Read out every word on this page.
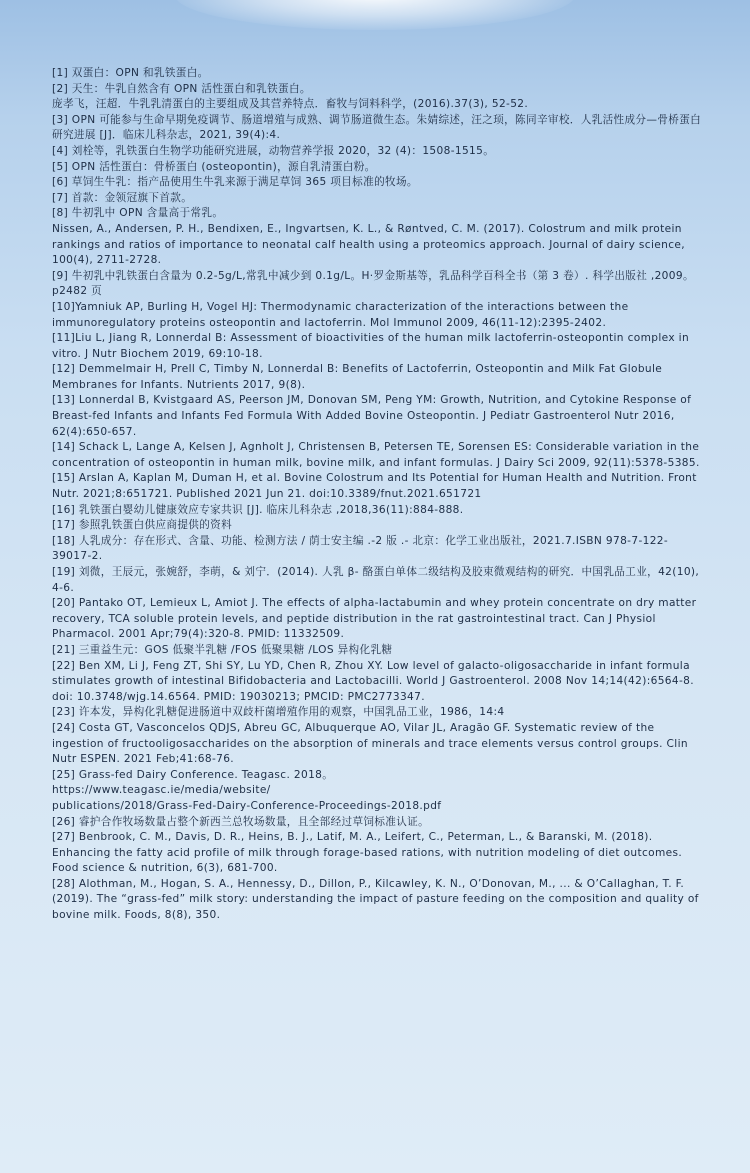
[1] 双蛋白：OPN 和乳铁蛋白。
[2] 天生：牛乳自然含有 OPN 活性蛋白和乳铁蛋白。
庞孝飞，汪超．牛乳乳清蛋白的主要组成及其营养特点．畜牧与饲料科学，(2016).37(3), 52-52.
[3] OPN 可能参与生命早期免疫调节、肠道增殖与成熟、调节肠道微生态。朱婧综述，汪之顼，陈同辛审校．人乳活性成分—骨桥蛋白研究进展 [J]．临床儿科杂志，2021, 39(4):4.
[4] 刘栓等，乳铁蛋白生物学功能研究进展，动物营养学报 2020，32 (4)：1508-1515。
[5] OPN 活性蛋白：骨桥蛋白 (osteopontin)，源自乳清蛋白粉。
[6] 草饲生牛乳：指产品使用生牛乳来源于满足草饲 365 项目标准的牧场。
[7] 首款：金领冠旗下首款。
[8] 牛初乳中 OPN 含量高于常乳。
Nissen, A., Andersen, P. H., Bendixen, E., Ingvartsen, K. L., & Røntved, C. M. (2017). Colostrum and milk protein rankings and ratios of importance to neonatal calf health using a proteomics approach. Journal of dairy science, 100(4), 2711-2728.
[9] 牛初乳中乳铁蛋白含量为 0.2-5g/L,常乳中减少到 0.1g/L。H·罗金斯基等，乳品科学百科全书（第 3 卷）. 科学出版社 ,2009。p2482 页
[10]Yamniuk AP, Burling H, Vogel HJ: Thermodynamic characterization of the interactions between the immunoregulatory proteins osteopontin and lactoferrin. Mol Immunol 2009, 46(11-12):2395-2402.
[11]Liu L, Jiang R, Lonnerdal B: Assessment of bioactivities of the human milk lactoferrin-osteopontin complex in vitro. J Nutr Biochem 2019, 69:10-18.
[12] Demmelmair H, Prell C, Timby N, Lonnerdal B: Benefits of Lactoferrin, Osteopontin and Milk Fat Globule Membranes for Infants. Nutrients 2017, 9(8).
[13] Lonnerdal B, Kvistgaard AS, Peerson JM, Donovan SM, Peng YM: Growth, Nutrition, and Cytokine Response of Breast-fed Infants and Infants Fed Formula With Added Bovine Osteopontin. J Pediatr Gastroenterol Nutr 2016, 62(4):650-657.
[14] Schack L, Lange A, Kelsen J, Agnholt J, Christensen B, Petersen TE, Sorensen ES: Considerable variation in the concentration of osteopontin in human milk, bovine milk, and infant formulas. J Dairy Sci 2009, 92(11):5378-5385.
[15] Arslan A, Kaplan M, Duman H, et al. Bovine Colostrum and Its Potential for Human Health and Nutrition. Front Nutr. 2021;8:651721. Published 2021 Jun 21. doi:10.3389/fnut.2021.651721
[16] 乳铁蛋白婴幼儿健康效应专家共识 [J]. 临床儿科杂志 ,2018,36(11):884-888.
[17] 参照乳铁蛋白供应商提供的资料
[18] 人乳成分：存在形式、含量、功能、检测方法 / 荫士安主编 .-2 版 .- 北京：化学工业出版社，2021.7.ISBN 978-7-122-39017-2.
[19] 刘微，王辰元，张婉舒，李萌，& 刘宁．(2014). 人乳 β- 酪蛋白单体二级结构及胶束微观结构的研究．中国乳品工业，42(10), 4-6.
[20] Pantako OT, Lemieux L, Amiot J. The effects of alpha-lactabumin and whey protein concentrate on dry matter recovery, TCA soluble protein levels, and peptide distribution in the rat gastrointestinal tract. Can J Physiol Pharmacol. 2001 Apr;79(4):320-8. PMID: 11332509.
[21] 三重益生元：GOS 低聚半乳糖 /FOS 低聚果糖 /LOS 异构化乳糖
[22] Ben XM, Li J, Feng ZT, Shi SY, Lu YD, Chen R, Zhou XY. Low level of galacto-oligosaccharide in infant formula stimulates growth of intestinal Bifidobacteria and Lactobacilli. World J Gastroenterol. 2008 Nov 14;14(42):6564-8. doi: 10.3748/wjg.14.6564. PMID: 19030213; PMCID: PMC2773347.
[23] 许本发，异构化乳糖促进肠道中双歧杆菌增殖作用的观察，中国乳品工业，1986，14:4
[24] Costa GT, Vasconcelos QDJS, Abreu GC, Albuquerque AO, Vilar JL, Aragão GF. Systematic review of the ingestion of fructooligosaccharides on the absorption of minerals and trace elements versus control groups. Clin Nutr ESPEN. 2021 Feb;41:68-76.
[25] Grass-fed Dairy Conference. Teagasc. 2018。
https://www.teagasc.ie/media/website/
publications/2018/Grass-Fed-Dairy-Conference-Proceedings-2018.pdf
[26] 睿护合作牧场数量占整个新西兰总牧场数量，且全部经过草饲标准认证。
[27] Benbrook, C. M., Davis, D. R., Heins, B. J., Latif, M. A., Leifert, C., Peterman, L., & Baranski, M. (2018). Enhancing the fatty acid profile of milk through forage‐based rations, with nutrition modeling of diet outcomes. Food science & nutrition, 6(3), 681-700.
[28] Alothman, M., Hogan, S. A., Hennessy, D., Dillon, P., Kilcawley, K. N., O’Donovan, M., ... & O’Callaghan, T. F. (2019). The “grass-fed” milk story: understanding the impact of pasture feeding on the composition and quality of bovine milk. Foods, 8(8), 350.
